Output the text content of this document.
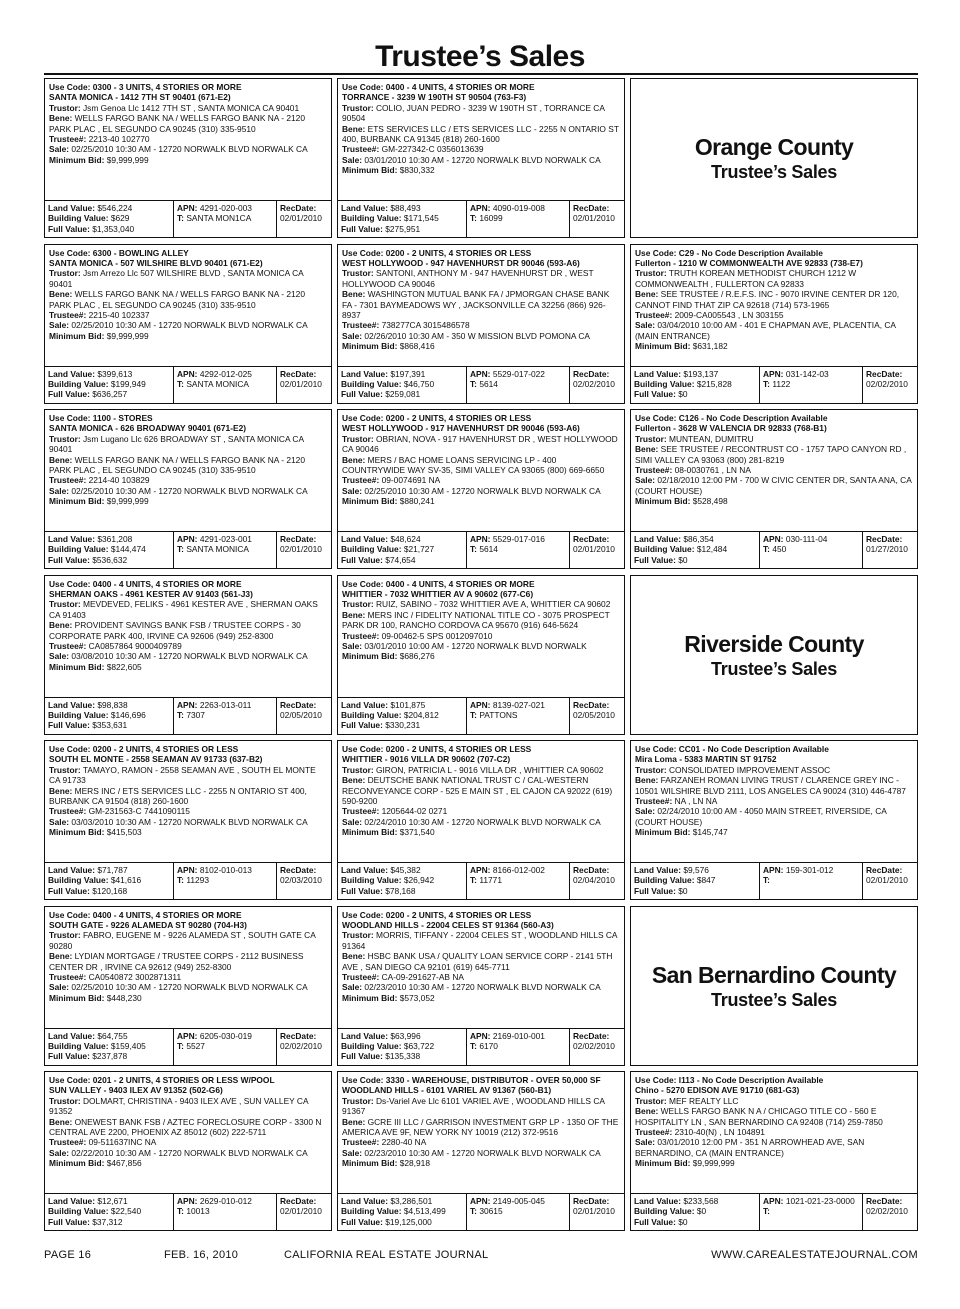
Trustee’s Sales
Use Code: 0300 - 3 UNITS, 4 STORIES OR MORE
SANTA MONICA - 1412 7TH ST 90401 (671-E2)
Trustor: Jsm Genoa Llc 1412 7TH ST , SANTA MONICA CA 90401
Bene: WELLS FARGO BANK NA / WELLS FARGO BANK NA - 2120 PARK PLAC , EL SEGUNDO CA 90245 (310) 335-9510
Trustee#: 2213-40 102770
Sale: 02/25/2010 10:30 AM - 12720 NORWALK BLVD NORWALK CA
Minimum Bid: $9,999,999
Land Value: $546,224
Building Value: $629
Full Value: $1,353,040
APN: 4291-020-003
T: SANTA MON1CA
RecDate:
02/01/2010
Use Code: 6300 - BOWLING ALLEY
SANTA MONICA - 507 WILSHIRE BLVD 90401 (671-E2)
Trustor: Jsm Arrezo Llc 507 WILSHIRE BLVD , SANTA MONICA CA 90401
Bene: WELLS FARGO BANK NA / WELLS FARGO BANK NA - 2120 PARK PLAC , EL SEGUNDO CA 90245 (310) 335-9510
Trustee#: 2215-40 102337
Sale: 02/25/2010 10:30 AM - 12720 NORWALK BLVD NORWALK CA
Minimum Bid: $9,999,999
Land Value: $399,613
Building Value: $199,949
Full Value: $636,257
APN: 4292-012-025
T: SANTA MONICA
RecDate:
02/01/2010
Use Code: 1100 - STORES
SANTA MONICA - 626 BROADWAY 90401 (671-E2)
Trustor: Jsm Lugano Llc 626 BROADWAY ST , SANTA MONICA CA 90401
Bene: WELLS FARGO BANK NA / WELLS FARGO BANK NA - 2120 PARK PLAC , EL SEGUNDO CA 90245 (310) 335-9510
Trustee#: 2214-40 103829
Sale: 02/25/2010 10:30 AM - 12720 NORWALK BLVD NORWALK CA
Minimum Bid: $9,999,999
Land Value: $361,208
Building Value: $144,474
Full Value: $536,632
APN: 4291-023-001
T: SANTA MONICA
RecDate:
02/01/2010
Use Code: 0400 - 4 UNITS, 4 STORIES OR MORE
SHERMAN OAKS - 4961 KESTER AV 91403 (561-J3)
Trustor: MEVDEVED, FELIKS - 4961 KESTER AVE , SHERMAN OAKS CA 91403
Bene: PROVIDENT SAVINGS BANK FSB / TRUSTEE CORPS - 30 CORPORATE PARK 400, IRVINE CA 92606 (949) 252-8300
Trustee#: CA0857864 9000409789
Sale: 03/08/2010 10:30 AM - 12720 NORWALK BLVD NORWALK CA
Minimum Bid: $822,605
Land Value: $98,838
Building Value: $146,696
Full Value: $353,631
APN: 2263-013-011
T: 7307
RecDate:
02/05/2010
Use Code: 0200 - 2 UNITS, 4 STORIES OR LESS
SOUTH EL MONTE - 2558 SEAMAN AV 91733 (637-B2)
Trustor: TAMAYO, RAMON - 2558 SEAMAN AVE , SOUTH EL MONTE CA 91733
Bene: MERS INC / ETS SERVICES LLC - 2255 N ONTARIO ST 400, BURBANK CA 91504 (818) 260-1600
Trustee#: GM-231563-C 7441090115
Sale: 03/03/2010 10:30 AM - 12720 NORWALK BLVD NORWALK CA
Minimum Bid: $415,503
Land Value: $71,787
Building Value: $41,616
Full Value: $120,168
APN: 8102-010-013
T: 11293
RecDate:
02/03/2010
Use Code: 0400 - 4 UNITS, 4 STORIES OR MORE
SOUTH GATE - 9226 ALAMEDA ST 90280 (704-H3)
Trustor: FABRO, EUGENE M - 9226 ALAMEDA ST , SOUTH GATE CA 90280
Bene: LYDIAN MORTGAGE / TRUSTEE CORPS - 2112 BUSINESS CENTER DR , IRVINE CA 92612 (949) 252-8300
Trustee#: CA0540872 3002871311
Sale: 02/25/2010 10:30 AM - 12720 NORWALK BLVD NORWALK CA
Minimum Bid: $448,230
Land Value: $64,755
Building Value: $159,405
Full Value: $237,878
APN: 6205-030-019
T: 5527
RecDate:
02/02/2010
Use Code: 0201 - 2 UNITS, 4 STORIES OR LESS W/POOL
SUN VALLEY - 9403 ILEX AV 91352 (502-G6)
Trustor: DOLMART, CHRISTINA - 9403 ILEX AVE , SUN VALLEY CA 91352
Bene: ONEWEST BANK FSB / AZTEC FORECLOSURE CORP - 3300 N CENTRAL AVE 2200, PHOENIX AZ 85012 (602) 222-5711
Trustee#: 09-511637INC NA
Sale: 02/22/2010 10:30 AM - 12720 NORWALK BLVD NORWALK CA
Minimum Bid: $467,856
Land Value: $12,671
Building Value: $22,540
Full Value: $37,312
APN: 2629-010-012
T: 10013
RecDate:
02/01/2010
Use Code: 0400 - 4 UNITS, 4 STORIES OR MORE
TORRANCE - 3239 W 190TH ST 90504 (763-F3)
Trustor: COLIO, JUAN PEDRO - 3239 W 190TH ST , TORRANCE CA 90504
Bene: ETS SERVICES LLC / ETS SERVICES LLC - 2255 N ONTARIO ST 400, BURBANK CA 91345 (818) 260-1600
Trustee#: GM-227342-C 0356013639
Sale: 03/01/2010 10:30 AM - 12720 NORWALK BLVD NORWALK CA
Minimum Bid: $830,332
Land Value: $88,493
Building Value: $171,545
Full Value: $275,951
APN: 4090-019-008
T: 16099
RecDate:
02/01/2010
Use Code: 0200 - 2 UNITS, 4 STORIES OR LESS
WEST HOLLYWOOD - 947 HAVENHURST DR 90046 (593-A6)
Trustor: SANTONI, ANTHONY M - 947 HAVENHURST DR , WEST HOLLYWOOD CA 90046
Bene: WASHINGTON MUTUAL BANK FA / JPMORGAN CHASE BANK FA - 7301 BAYMEADOWS WY , JACKSONVILLE CA 32256 (866) 926-8937
Trustee#: 738277CA 3015486578
Sale: 02/26/2010 10:30 AM - 350 W MISSION BLVD POMONA CA
Minimum Bid: $868,416
Land Value: $197,391
Building Value: $46,750
Full Value: $259,081
APN: 5529-017-022
T: 5614
RecDate:
02/02/2010
Use Code: 0200 - 2 UNITS, 4 STORIES OR LESS
WEST HOLLYWOOD - 917 HAVENHURST DR 90046 (593-A6)
Trustor: OBRIAN, NOVA - 917 HAVENHURST DR , WEST HOLLYWOOD CA 90046
Bene: MERS / BAC HOME LOANS SERVICING LP - 400 COUNTRYWIDE WAY SV-35, SIMI VALLEY CA 93065 (800) 669-6650
Trustee#: 09-0074691 NA
Sale: 02/25/2010 10:30 AM - 12720 NORWALK BLVD NORWALK CA
Minimum Bid: $880,241
Land Value: $48,624
Building Value: $21,727
Full Value: $74,654
APN: 5529-017-016
T: 5614
RecDate:
02/01/2010
Use Code: 0400 - 4 UNITS, 4 STORIES OR MORE
WHITTIER - 7032 WHITTIER AV A 90602 (677-C6)
Trustor: RUIZ, SABINO - 7032 WHITTIER AVE A, WHITTIER CA 90602
Bene: MERS INC / FIDELITY NATIONAL TITLE CO - 3075 PROSPECT PARK DR 100, RANCHO CORDOVA CA 95670 (916) 646-5624
Trustee#: 09-00462-5 SPS 0012097010
Sale: 03/01/2010 10:00 AM - 12720 NORWALK BLVD NORWALK
Minimum Bid: $686,276
Land Value: $101,875
Building Value: $204,812
Full Value: $330,231
APN: 8139-027-021
T: PATTONS
RecDate:
02/05/2010
Use Code: 0200 - 2 UNITS, 4 STORIES OR LESS
WHITTIER - 9016 VILLA DR 90602 (707-C2)
Trustor: GIRON, PATRICIA L - 9016 VILLA DR , WHITTIER CA 90602
Bene: DEUTSCHE BANK NATIONAL TRUST C / CAL-WESTERN RECONVEYANCE CORP - 525 E MAIN ST , EL CAJON CA 92022 (619) 590-9200
Trustee#: 1205644-02 0271
Sale: 02/24/2010 10:30 AM - 12720 NORWALK BLVD NORWALK CA
Minimum Bid: $371,540
Land Value: $45,382
Building Value: $26,942
Full Value: $78,168
APN: 8166-012-002
T: 11771
RecDate:
02/04/2010
Use Code: 0200 - 2 UNITS, 4 STORIES OR LESS
WOODLAND HILLS - 22004 CELES ST 91364 (560-A3)
Trustor: MORRIS, TIFFANY - 22004 CELES ST , WOODLAND HILLS CA 91364
Bene: HSBC BANK USA / QUALITY LOAN SERVICE CORP - 2141 5TH AVE , SAN DIEGO CA 92101 (619) 645-7711
Trustee#: CA-09-291627-AB NA
Sale: 02/23/2010 10:30 AM - 12720 NORWALK BLVD NORWALK CA
Minimum Bid: $573,052
Land Value: $63,996
Building Value: $63,722
Full Value: $135,338
APN: 2169-010-001
T: 6170
RecDate:
02/02/2010
Use Code: 3330 - WAREHOUSE, DISTRIBUTOR - OVER 50,000 SF
WOODLAND HILLS - 6101 VARIEL AV 91367 (560-B1)
Trustor: Ds-Variel Ave Llc 6101 VARIEL AVE , WOODLAND HILLS CA 91367
Bene: GCRE III LLC / GARRISON INVESTMENT GRP LP - 1350 OF THE AMERICA AVE 9F, NEW YORK NY 10019 (212) 372-9516
Trustee#: 2280-40 NA
Sale: 02/23/2010 10:30 AM - 12720 NORWALK BLVD NORWALK CA
Minimum Bid: $28,918
Land Value: $3,286,501
Building Value: $4,513,499
Full Value: $19,125,000
APN: 2149-005-045
T: 30615
RecDate:
02/01/2010
Orange County
Trustee’s Sales
Use Code: C29 - No Code Description Available
Fullerton - 1210 W COMMONWEALTH AVE 92833 (738-E7)
Trustor: TRUTH KOREAN METHODIST CHURCH 1212 W COMMONWEALTH , FULLERTON CA 92833
Bene: SEE TRUSTEE / R.E.F.S. INC - 9070 IRVINE CENTER DR 120, CANNOT FIND THAT ZIP CA 92618 (714) 573-1965
Trustee#: 2009-CA005543 , LN 303155
Sale: 03/04/2010 10:00 AM - 401 E CHAPMAN AVE, PLACENTIA, CA (MAIN ENTRANCE)
Minimum Bid: $631,182
Land Value: $193,137
Building Value: $215,828
Full Value: $0
APN: 031-142-03
T: 1122
RecDate:
02/02/2010
Use Code: C126 - No Code Description Available
Fullerton - 3628 W VALENCIA DR 92833 (768-B1)
Trustor: MUNTEAN, DUMITRU
Bene: SEE TRUSTEE / RECONTRUST CO - 1757 TAPO CANYON RD , SIMI VALLEY CA 93063 (800) 281-8219
Trustee#: 08-0030761 , LN NA
Sale: 02/18/2010 12:00 PM - 700 W CIVIC CENTER DR, SANTA ANA, CA (COURT HOUSE)
Minimum Bid: $528,498
Land Value: $86,354
Building Value: $12,484
Full Value: $0
APN: 030-111-04
T: 450
RecDate:
01/27/2010
Riverside County
Trustee’s Sales
Use Code: CC01 - No Code Description Available
Mira Loma - 5383 MARTIN ST 91752
Trustor: CONSOLIDATED IMPROVEMENT ASSOC
Bene: FARZANEH ROMAN LIVING TRUST / CLARENCE GREY INC - 10501 WILSHIRE BLVD 2111, LOS ANGELES CA 90024 (310) 446-4787
Trustee#: NA , LN NA
Sale: 02/24/2010 10:00 AM - 4050 MAIN STREET, RIVERSIDE, CA (COURT HOUSE)
Minimum Bid: $145,747
Land Value: $9,576
Building Value: $847
Full Value: $0
APN: 159-301-012
T:
RecDate:
02/01/2010
San Bernardino County
Trustee’s Sales
Use Code: I113 - No Code Description Available
Chino - 5270 EDISON AVE 91710 (681-G3)
Trustor: MEF REALTY LLC
Bene: WELLS FARGO BANK N A / CHICAGO TITLE CO - 560 E HOSPITALITY LN , SAN BERNARDINO CA 92408 (714) 259-7850
Trustee#: 2310-40(N) , LN 104891
Sale: 03/01/2010 12:00 PM - 351 N ARROWHEAD AVE, SAN BERNARDINO, CA (MAIN ENTRANCE)
Minimum Bid: $9,999,999
Land Value: $233,568
Building Value: $0
Full Value: $0
APN: 1021-021-23-0000
T:
RecDate:
02/02/2010
PAGE 16	FEB. 16, 2010	CALIFORNIA REAL ESTATE JOURNAL	WWW.CAREALESTATEJOURNAL.COM
